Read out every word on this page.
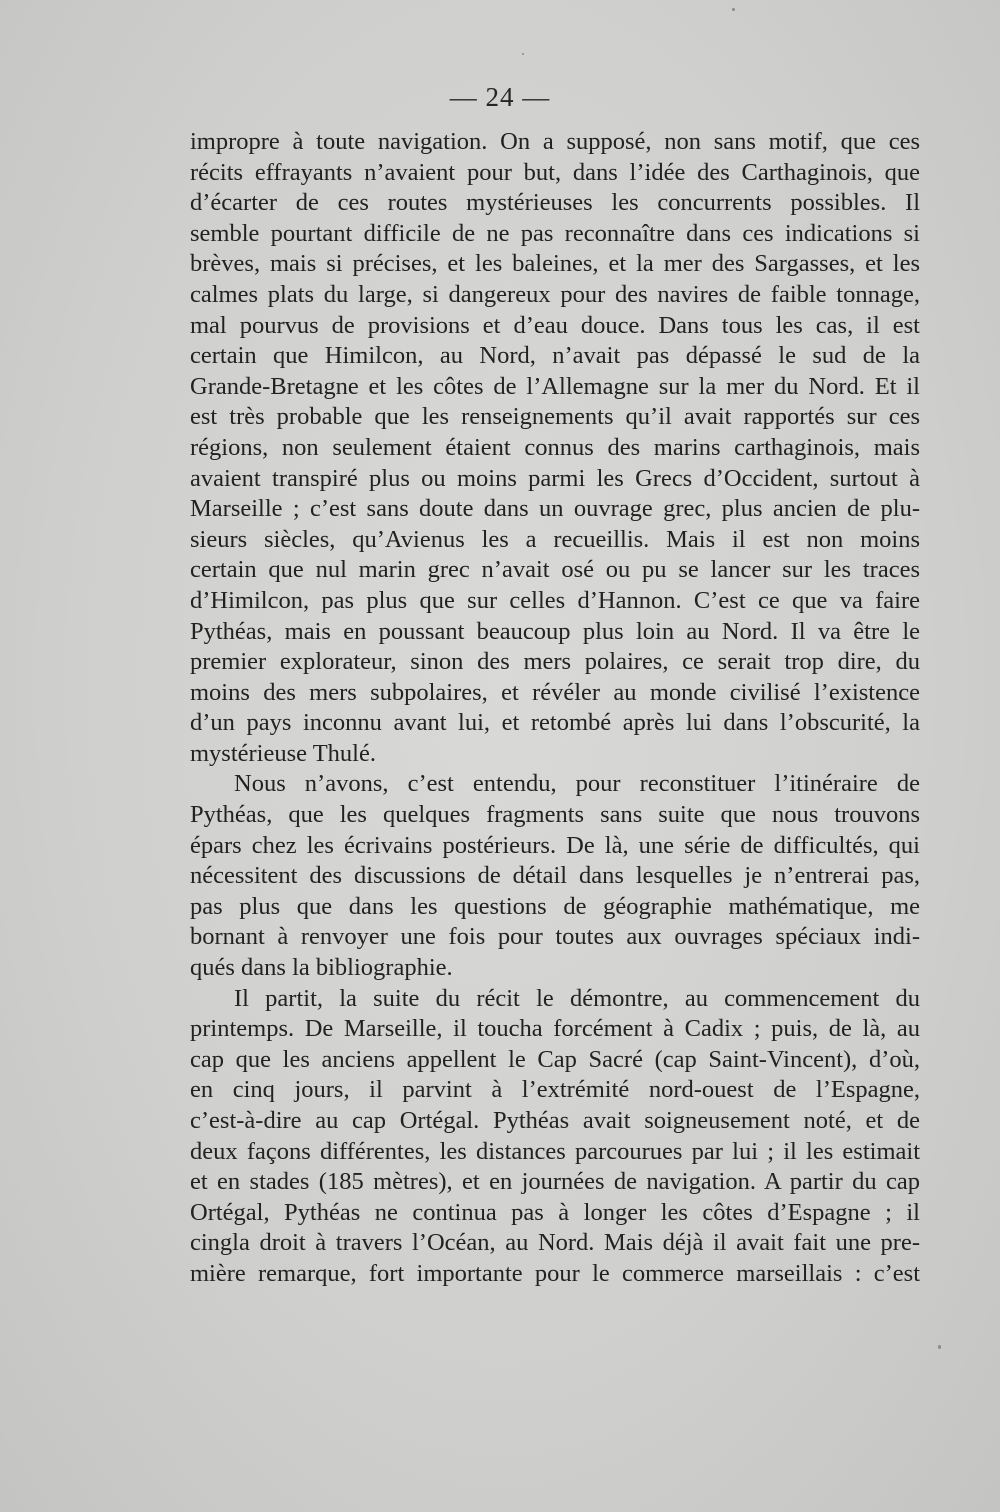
— 24 —

impropre à toute navigation. On a supposé, non sans motif, que ces
récits effrayants n’avaient pour but, dans l’idée des Carthaginois, que
d’écarter de ces routes mystérieuses les concurrents possibles. Il
semble pourtant difficile de ne pas reconnaître dans ces indications si
brèves, mais si précises, et les baleines, et la mer des Sargasses, et les
calmes plats du large, si dangereux pour des navires de faible tonnage,
mal pourvus de provisions et d’eau douce. Dans tous les cas, il est
certain que Himilcon, au Nord, n’avait pas dépassé le sud de la
Grande-Bretagne et les côtes de l’Allemagne sur la mer du Nord. Et il
est très probable que les renseignements qu’il avait rapportés sur ces
régions, non seulement étaient connus des marins carthaginois, mais
avaient transpiré plus ou moins parmi les Grecs d’Occident, surtout à
Marseille ; c’est sans doute dans un ouvrage grec, plus ancien de plu-
sieurs siècles, qu’Avienus les a recueillis. Mais il est non moins
certain que nul marin grec n’avait osé ou pu se lancer sur les traces
d’Himilcon, pas plus que sur celles d’Hannon. C’est ce que va faire
Pythéas, mais en poussant beaucoup plus loin au Nord. Il va être le
premier explorateur, sinon des mers polaires, ce serait trop dire, du
moins des mers subpolaires, et révéler au monde civilisé l’existence
d’un pays inconnu avant lui, et retombé après lui dans l’obscurité, la
mystérieuse Thulé.

Nous n’avons, c’est entendu, pour reconstituer l’itinéraire de
Pythéas, que les quelques fragments sans suite que nous trouvons
épars chez les écrivains postérieurs. De là, une série de difficultés, qui
nécessitent des discussions de détail dans lesquelles je n’entrerai pas,
pas plus que dans les questions de géographie mathématique, me
bornant à renvoyer une fois pour toutes aux ouvrages spéciaux indi-
qués dans la bibliographie.

Il partit, la suite du récit le démontre, au commencement du
printemps. De Marseille, il toucha forcément à Cadix ; puis, de là, au
cap que les anciens appellent le Cap Sacré (cap Saint-Vincent), d’où,
en cinq jours, il parvint à l’extrémité nord-ouest de l’Espagne,
c’est-à-dire au cap Ortégal. Pythéas avait soigneusement noté, et de
deux façons différentes, les distances parcourues par lui ; il les estimait
et en stades (185 mètres), et en journées de navigation. A partir du cap
Ortégal, Pythéas ne continua pas à longer les côtes d’Espagne ; il
cingla droit à travers l’Océan, au Nord. Mais déjà il avait fait une pre-
mière remarque, fort importante pour le commerce marseillais : c’est
